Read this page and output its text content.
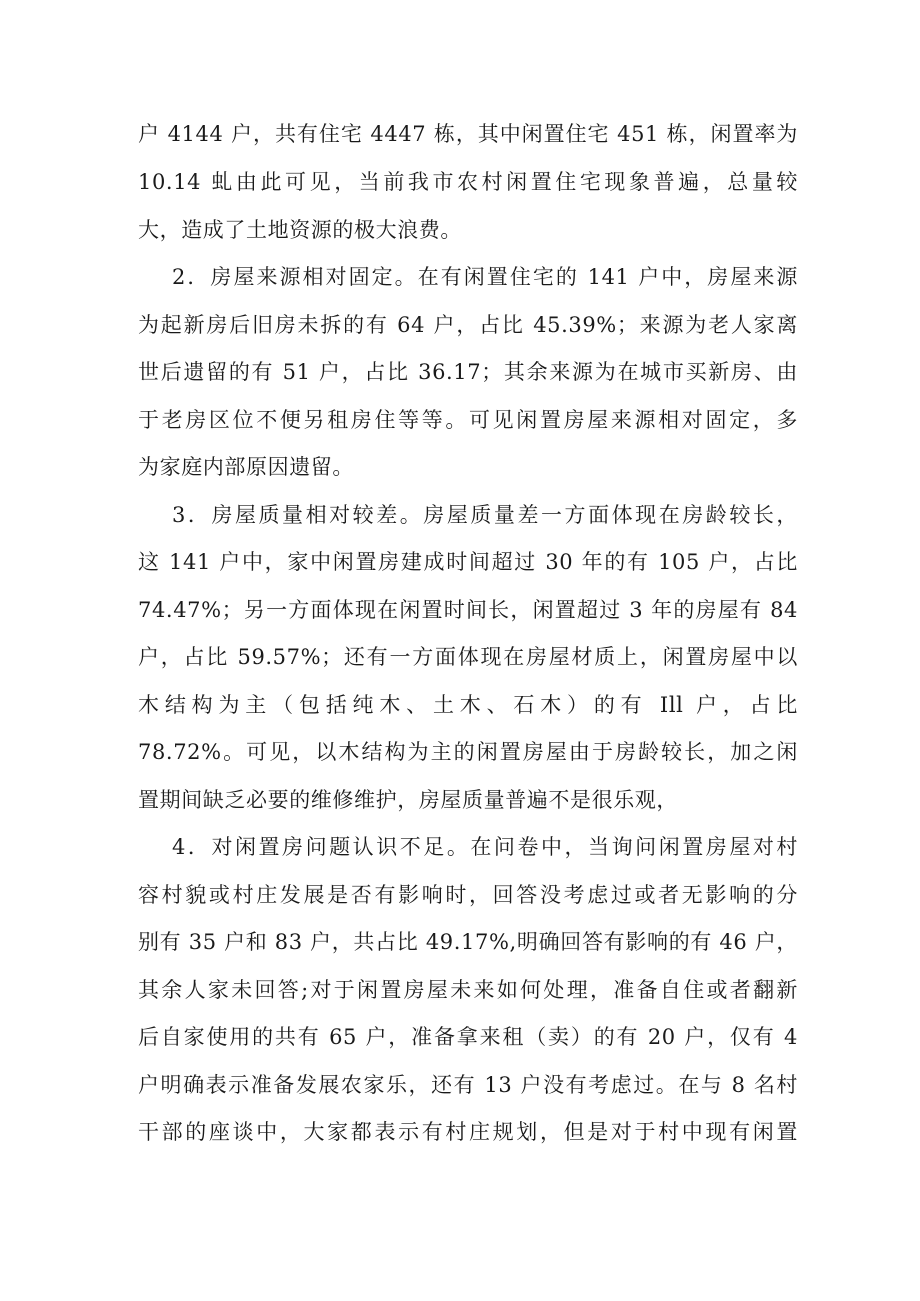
户 4144 户，共有住宅 4447 栋，其中闲置住宅 451 栋，闲置率为
10.14 虬由此可见，当前我市农村闲置住宅现象普遍，总量较
大，造成了土地资源的极大浪费。
2．房屋来源相对固定。在有闲置住宅的 141 户中，房屋来源
为起新房后旧房未拆的有 64 户，占比 45.39%；来源为老人家离
世后遗留的有 51 户，占比 36.17；其余来源为在城市买新房、由
于老房区位不便另租房住等等。可见闲置房屋来源相对固定，多
为家庭内部原因遗留。
3．房屋质量相对较差。房屋质量差一方面体现在房龄较长，
这 141 户中，家中闲置房建成时间超过 30 年的有 105 户，占比
74.47%；另一方面体现在闲置时间长，闲置超过 3 年的房屋有 84
户，占比 59.57%；还有一方面体现在房屋材质上，闲置房屋中以
木结构为主（包括纯木、土木、石木）的有 Ill 户，占比
78.72%。可见，以木结构为主的闲置房屋由于房龄较长，加之闲
置期间缺乏必要的维修维护，房屋质量普遍不是很乐观，
4．对闲置房问题认识不足。在问卷中，当询问闲置房屋对村
容村貌或村庄发展是否有影响时，回答没考虑过或者无影响的分
别有 35 户和 83 户，共占比 49.17%,明确回答有影响的有 46 户，
其余人家未回答;对于闲置房屋未来如何处理，准备自住或者翻新
后自家使用的共有 65 户，准备拿来租（卖）的有 20 户，仅有 4
户明确表示准备发展农家乐，还有 13 户没有考虑过。在与 8 名村
干部的座谈中，大家都表示有村庄规划，但是对于村中现有闲置
